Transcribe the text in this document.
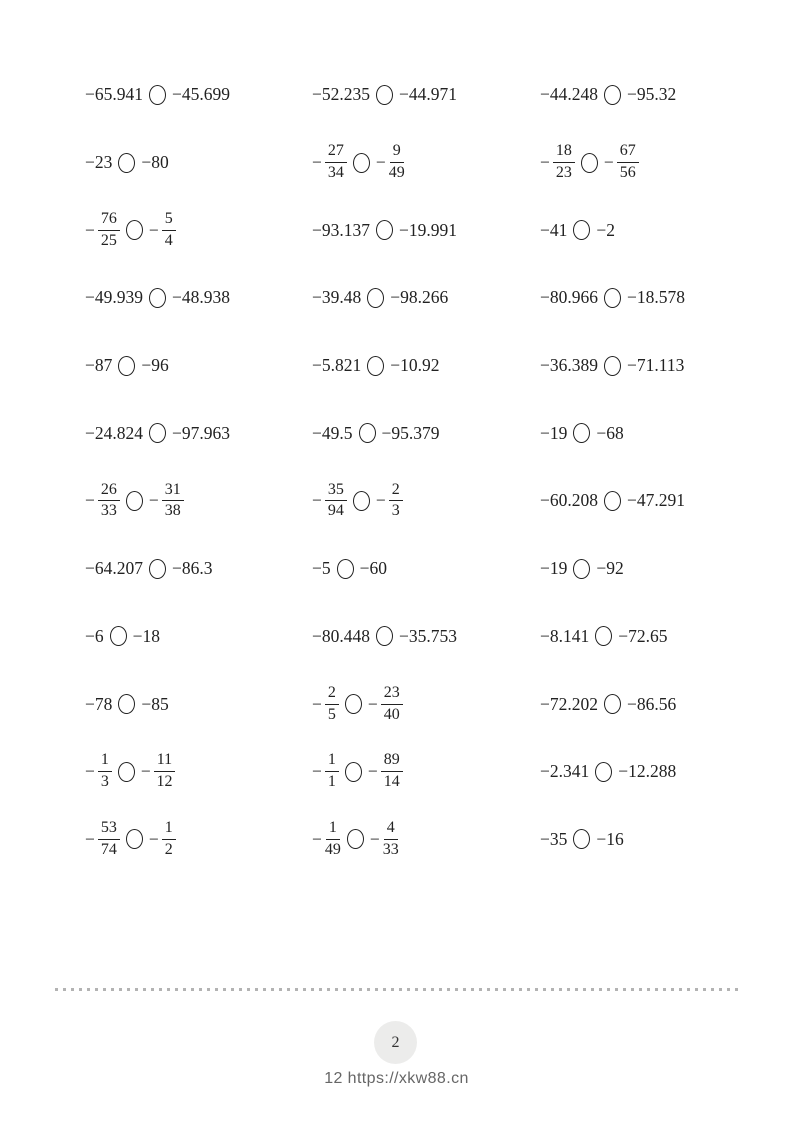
−65.941 −45.699	−52.235 −44.971	−44.248 −95.32
−23 −80	− $\frac{27}{34} - \frac{9}{49}$	− $\frac{18}{23} - \frac{67}{56}$
− $\frac{76}{25} - \frac{5}{4}$	−93.137 −19.991	−41 −2
−49.939 −48.938	−39.48 −98.266	−80.966 −18.578
−87 −96	−5.821 −10.92	−36.389 −71.113
−24.824 −97.963	−49.5 −95.379	−19 −68
− $\frac{26}{33} - \frac{31}{38}$	− $\frac{35}{94} - \frac{2}{3}$	−60.208 −47.291
−64.207 −86.3	−5 −60	−19 −92
−6 −18	−80.448 −35.753	−8.141 −72.65
−78 −85	− $\frac{2}{5} - \frac{23}{40}$	−72.202 −86.56
− $\frac{1}{3} - \frac{11}{12}$	− $\frac{1}{1} - \frac{89}{14}$	−2.341 −12.288
− $\frac{53}{74} - \frac{1}{2}$	− $\frac{1}{49} - \frac{4}{33}$	−35 −16
2
12 https://xkw88.cn
